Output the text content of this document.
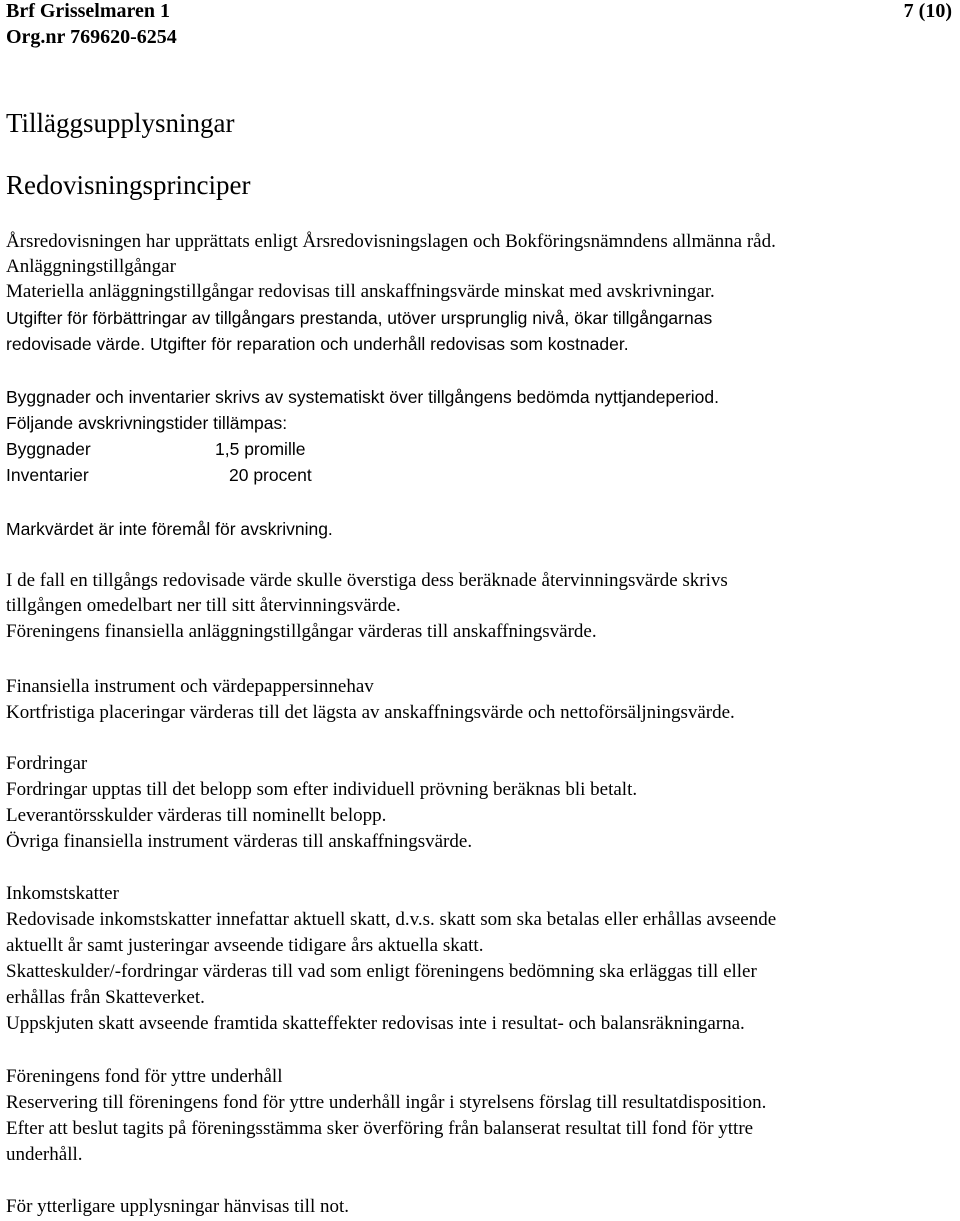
Brf Grisselmaren 1
Org.nr 769620-6254
7 (10)
Tilläggsupplysningar
Redovisningsprinciper
Årsredovisningen har upprättats enligt Årsredovisningslagen och Bokföringsnämndens allmänna råd.
Anläggningstillgångar
Materiella anläggningstillgångar redovisas till anskaffningsvärde minskat med avskrivningar.
Utgifter för förbättringar av tillgångars prestanda, utöver ursprunglig nivå, ökar tillgångarnas
redovisade värde. Utgifter för reparation och underhåll redovisas som kostnader.
Byggnader och inventarier skrivs av systematiskt över tillgångens bedömda nyttjandeperiod.
Följande avskrivningstider tillämpas:
Byggnader	1,5 promille
Inventarier	20 procent
Markvärdet är inte föremål för avskrivning.
I de fall en tillgångs redovisade värde skulle överstiga dess beräknade återvinningsvärde skrivs
tillgången omedelbart ner till sitt återvinningsvärde.
Föreningens finansiella anläggningstillgångar värderas till anskaffningsvärde.
Finansiella instrument och värdepappersinnehav
Kortfristiga placeringar värderas till det lägsta av anskaffningsvärde och nettoförsäljningsvärde.
Fordringar
Fordringar upptas till det belopp som efter individuell prövning beräknas bli betalt.
Leverantörsskulder värderas till nominellt belopp.
Övriga finansiella instrument värderas till anskaffningsvärde.
Inkomstskatter
Redovisade inkomstskatter innefattar aktuell skatt, d.v.s. skatt som ska betalas eller erhållas avseende
aktuellt år samt justeringar avseende tidigare års aktuella skatt.
Skatteskulder/-fordringar värderas till vad som enligt föreningens bedömning ska erläggas till eller
erhållas från Skatteverket.
Uppskjuten skatt avseende framtida skatteffekter redovisas inte i resultat- och balansräkningarna.
Föreningens fond för yttre underhåll
Reservering till föreningens fond för yttre underhåll ingår i styrelsens förslag till resultatdisposition.
Efter att beslut tagits på föreningsstämma sker överföring från balanserat resultat till fond för yttre
underhåll.
För ytterligare upplysningar hänvisas till not.
